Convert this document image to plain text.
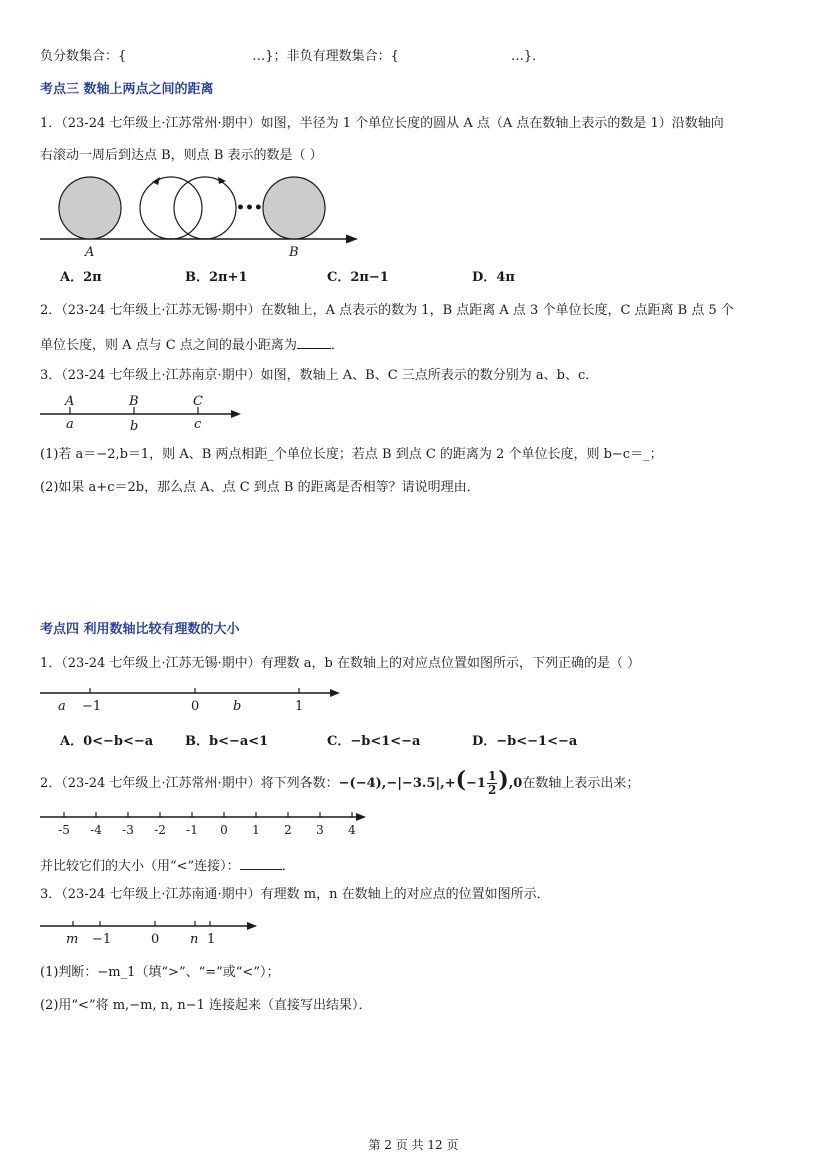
负分数集合：{	…}；非负有理数集合：{	…}．
考点三 数轴上两点之间的距离
1．（23-24 七年级上·江苏常州·期中）如图，半径为 1 个单位长度的圆从 A 点（A 点在数轴上表示的数是 1）沿数轴向
右滚动一周后到达点 B，则点 B 表示的数是（ ）
•••
A	B
A．2π	B．2π+1	C．2π−1	D．4π
2．（23-24 七年级上·江苏无锡·期中）在数轴上，A 点表示的数为 1，B 点距离 A 点 3 个单位长度，C 点距离 B 点 5 个
单位长度，则 A 点与 C 点之间的最小距离为	．
3．（23-24 七年级上·江苏南京·期中）如图，数轴上 A、B、C 三点所表示的数分别为 a、b、c．
A	B	C
a	b	c
(1)若 a＝−2,b＝1，则 A、B 两点相距_个单位长度；若点 B 到点 C 的距离为 2 个单位长度，则 b−c＝_；
(2)如果 a+c＝2b，那么点 A、点 C 到点 B 的距离是否相等？请说明理由．
考点四 利用数轴比较有理数的大小
1．（23-24 七年级上·江苏无锡·期中）有理数 a，b 在数轴上的对应点位置如图所示，下列正确的是（ ）
a −1	0	b	1
A．0<−b<−a B．b<−a<1	C．−b<1<−a	D．−b<−1<−a
2．（23-24 七年级上·江苏常州·期中）将下列各数：$-(-4),-|-3.5|,+(-1 \frac{1}{2} ),0$在数轴上表示出来；
-5 -4 -3 -2 -1 0 1 2 3 4
并比较它们的大小（用“<”连接）：	．
3．（23-24 七年级上·江苏南通·期中）有理数 m，n 在数轴上的对应点的位置如图所示．
m −1	0 n 1
(1)判断：−m_1（填“>”、“=”或“<”）；
(2)用“<”将 m,−m, n, n−1 连接起来（直接写出结果）．
第 2 页 共 12 页
